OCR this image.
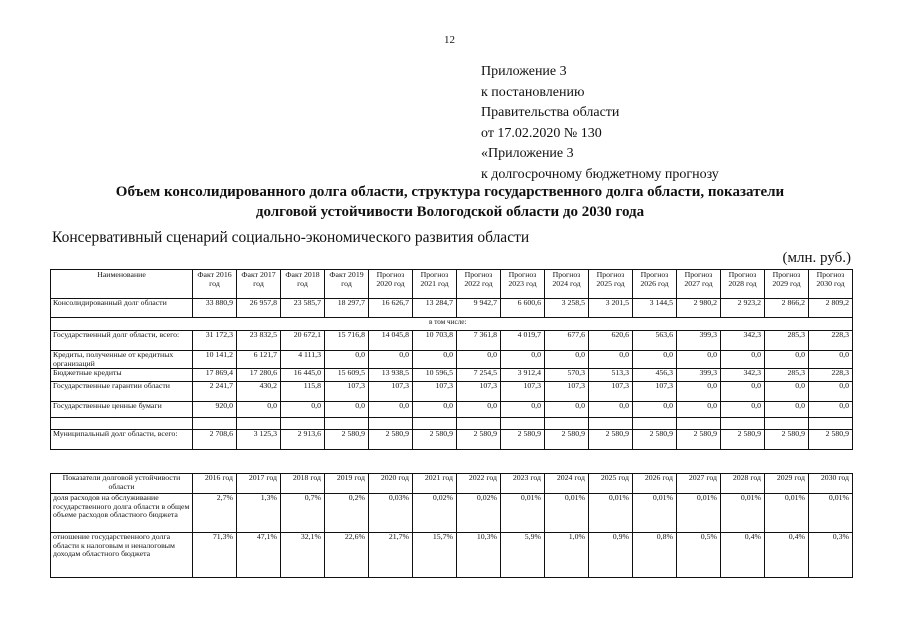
12
Приложение 3
к постановлению
Правительства области
от 17.02.2020 № 130
«Приложение 3
к долгосрочному бюджетному прогнозу
Объем консолидированного долга области, структура государственного долга области, показатели долговой устойчивости Вологодской области до 2030 года
Консервативный сценарий социально-экономического развития области
(млн. руб.)
Наименование	Факт 2016 год	Факт 2017 год	Факт 2018 год	Факт 2019 год	Прогноз 2020 год	Прогноз 2021 год	Прогноз 2022 год	Прогноз 2023 год	Прогноз 2024 год	Прогноз 2025 год	Прогноз 2026 год	Прогноз 2027 год	Прогноз 2028 год	Прогноз 2029 год	Прогноз 2030 год
Консолидированный долг области	33 880,9	26 957,8	23 585,7	18 297,7	16 626,7	13 284,7	9 942,7	6 600,6	3 258,5	3 201,5	3 144,5	2 980,2	2 923,2	2 866,2	2 809,2
в том числе:															
Государственный долг области, всего:	31 172,3	23 832,5	20 672,1	15 716,8	14 045,8	10 703,8	7 361,8	4 019,7	677,6	620,6	563,6	399,3	342,3	285,3	228,3
Кредиты, полученные от кредитных организаций	10 141,2	6 121,7	4 111,3	0,0	0,0	0,0	0,0	0,0	0,0	0,0	0,0	0,0	0,0	0,0	0,0
Бюджетные кредиты	17 869,4	17 280,6	16 445,0	15 609,5	13 938,5	10 596,5	7 254,5	3 912,4	570,3	513,3	456,3	399,3	342,3	285,3	228,3
Государственные гарантии области	2 241,7	430,2	115,8	107,3	107,3	107,3	107,3	107,3	107,3	107,3	107,3	0,0	0,0	0,0	0,0
Государственные ценные бумаги	920,0	0,0	0,0	0,0	0,0	0,0	0,0	0,0	0,0	0,0	0,0	0,0	0,0	0,0	0,0

Муниципальный долг области, всего:	2 708,6	3 125,3	2 913,6	2 580,9	2 580,9	2 580,9	2 580,9	2 580,9	2 580,9	2 580,9	2 580,9	2 580,9	2 580,9	2 580,9	2 580,9
Показатели долговой устойчивости области	2016 год	2017 год	2018 год	2019 год	2020 год	2021 год	2022 год	2023 год	2024 год	2025 год	2026 год	2027 год	2028 год	2029 год	2030 год
доля расходов на обслуживание государственного долга области в общем объеме расходов областного бюджета	2,7%	1,3%	0,7%	0,2%	0,03%	0,02%	0,02%	0,01%	0,01%	0,01%	0,01%	0,01%	0,01%	0,01%	0,01%
отношение государственного долга области к налоговым и неналоговым доходам областного бюджета	71,3%	47,1%	32,1%	22,6%	21,7%	15,7%	10,3%	5,9%	1,0%	0,9%	0,8%	0,5%	0,4%	0,4%	0,3%
